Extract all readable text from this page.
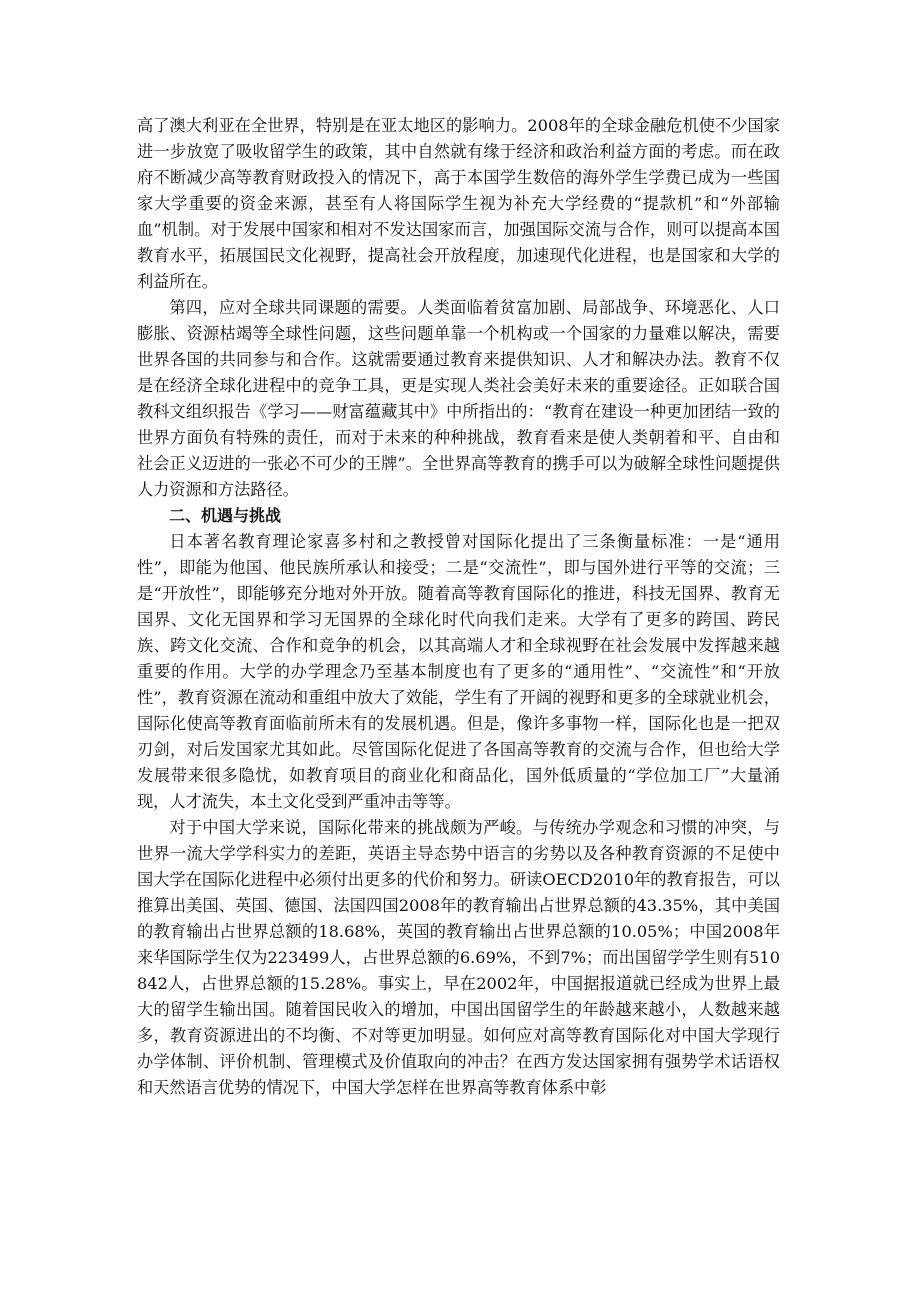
高了澳大利亚在全世界，特别是在亚太地区的影响力。2008年的全球金融危机使不少国家进一步放宽了吸收留学生的政策，其中自然就有缘于经济和政治利益方面的考虑。而在政府不断减少高等教育财政投入的情况下，高于本国学生数倍的海外学生学费已成为一些国家大学重要的资金来源，甚至有人将国际学生视为补充大学经费的“提款机”和“外部输血”机制。对于发展中国家和相对不发达国家而言，加强国际交流与合作，则可以提高本国教育水平，拓展国民文化视野，提高社会开放程度，加速现代化进程，也是国家和大学的利益所在。

第四，应对全球共同课题的需要。人类面临着贫富加剧、局部战争、环境恶化、人口膨胀、资源枯竭等全球性问题，这些问题单靠一个机构或一个国家的力量难以解决，需要世界各国的共同参与和合作。这就需要通过教育来提供知识、人才和解决办法。教育不仅是在经济全球化进程中的竞争工具，更是实现人类社会美好未来的重要途径。正如联合国教科文组织报告《学习——财富蕴藏其中》中所指出的：“教育在建设一种更加团结一致的世界方面负有特殊的责任，而对于未来的种种挑战，教育看来是使人类朝着和平、自由和社会正义迈进的一张必不可少的王牌”。全世界高等教育的携手可以为破解全球性问题提供人力资源和方法路径。

二、机遇与挑战

日本著名教育理论家喜多村和之教授曾对国际化提出了三条衡量标准：一是“通用性”，即能为他国、他民族所承认和接受；二是“交流性”，即与国外进行平等的交流；三是“开放性”，即能够充分地对外开放。随着高等教育国际化的推进，科技无国界、教育无国界、文化无国界和学习无国界的全球化时代向我们走来。大学有了更多的跨国、跨民族、跨文化交流、合作和竞争的机会，以其高端人才和全球视野在社会发展中发挥越来越重要的作用。大学的办学理念乃至基本制度也有了更多的“通用性”、“交流性”和“开放性”，教育资源在流动和重组中放大了效能，学生有了开阔的视野和更多的全球就业机会，国际化使高等教育面临前所未有的发展机遇。但是，像许多事物一样，国际化也是一把双刃剑，对后发国家尤其如此。尽管国际化促进了各国高等教育的交流与合作，但也给大学发展带来很多隐忧，如教育项目的商业化和商品化，国外低质量的“学位加工厂”大量涌现，人才流失，本土文化受到严重冲击等等。

对于中国大学来说，国际化带来的挑战颇为严峻。与传统办学观念和习惯的冲突，与世界一流大学学科实力的差距，英语主导态势中语言的劣势以及各种教育资源的不足使中国大学在国际化进程中必须付出更多的代价和努力。研读OECD2010年的教育报告，可以推算出美国、英国、德国、法国四国2008年的教育输出占世界总额的43.35%，其中美国的教育输出占世界总额的18.68%，英国的教育输出占世界总额的10.05%；中国2008年来华国际学生仅为223499人，占世界总额的6.69%，不到7%；而出国留学学生则有510842人，占世界总额的15.28%。事实上，早在2002年，中国据报道就已经成为世界上最大的留学生输出国。随着国民收入的增加，中国出国留学生的年龄越来越小，人数越来越多，教育资源进出的不均衡、不对等更加明显。如何应对高等教育国际化对中国大学现行办学体制、评价机制、管理模式及价值取向的冲击？在西方发达国家拥有强势学术话语权和天然语言优势的情况下，中国大学怎样在世界高等教育体系中彰
